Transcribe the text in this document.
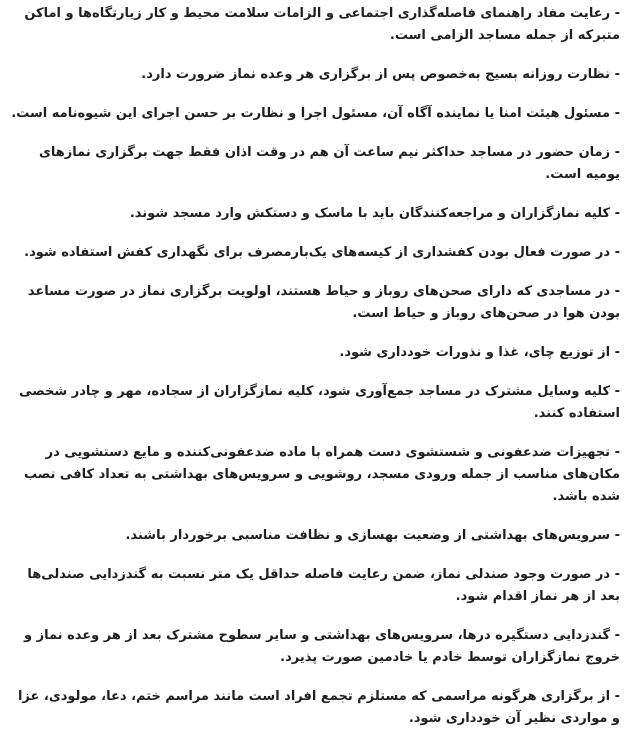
- رعایت مفاد راهنمای فاصله‌گذاری اجتماعی و الزامات سلامت محیط و کار زیارتگاه‌ها و اماکن متبرکه از جمله مساجد الزامی است.

- نظارت روزانه بسیج به‌خصوص پس از برگزاری هر وعده نماز ضرورت دارد.

- مسئول هیئت امنا یا نماینده آگاه آن، مسئول اجرا و نظارت بر حسن اجرای این شیوه‌نامه است.

- زمان حضور در مساجد حداکثر نیم ساعت آن هم در وقت اذان فقط جهت برگزاری نمازهای یومیه است.

- کلیه نمازگزاران و مراجعه‌کنندگان باید با ماسک و دستکش وارد مسجد شوند.

- در صورت فعال بودن کفشداری از کیسه‌های یک‌بارمصرف برای نگهداری کفش استفاده شود.

- در مساجدی که دارای صحن‌های روباز و حیاط هستند، اولویت برگزاری نماز در صورت مساعد بودن هوا در صحن‌های روباز و حیاط است.

- از توزیع چای، غذا و نذورات خودداری شود.

- کلیه وسایل مشترک در مساجد جمع‌آوری شود، کلیه نمازگزاران از سجاده، مهر و چادر شخصی استفاده کنند.

- تجهیزات ضدعفونی و شستشوی دست همراه با ماده ضدعفونی‌کننده و مایع دستشویی در مکان‌های مناسب از جمله ورودی مسجد، روشویی و سرویس‌های بهداشتی به تعداد کافی نصب شده باشد.

- سرویس‌های بهداشتی از وضعیت بهسازی و نظافت مناسبی برخوردار باشند.

- در صورت وجود صندلی نماز، ضمن رعایت فاصله حداقل یک متر نسبت به گندزدایی صندلی‌ها بعد از هر نماز اقدام شود.

- گندزدایی دستگیره درها، سرویس‌های بهداشتی و سایر سطوح مشترک بعد از هر وعده نماز و خروج نمازگزاران توسط خادم یا خادمین صورت پذیرد.

- از برگزاری هرگونه مراسمی که مستلزم تجمع افراد است مانند مراسم ختم، دعا، مولودی، عزا و مواردی نظیر آن خودداری شود.
